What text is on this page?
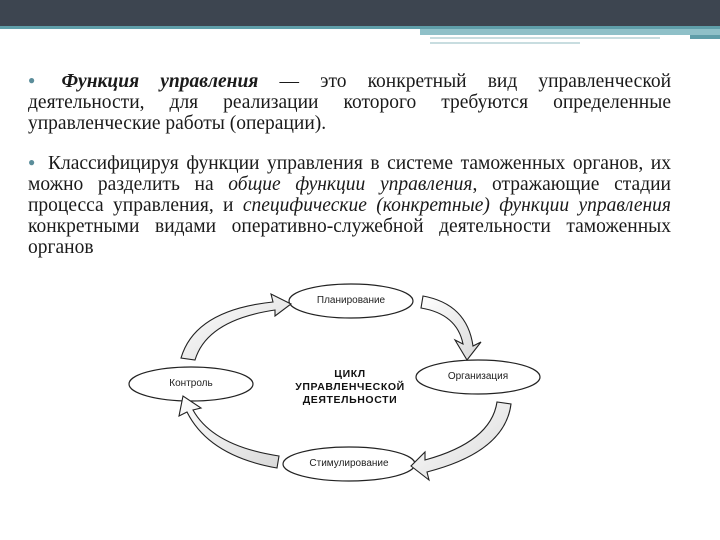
● Функция управления — это конкретный вид управленческой деятельности, для реализации которого требуются определенные управленческие работы (операции).

● Классифицируя функции управления в системе таможенных органов, их можно разделить на общие функции управления, отражающие стадии процесса управления, и специфические (конкретные) функции управления конкретными видами оперативно-служебной деятельности таможенных органов

Планирование
Организация
Стимулирование
Контроль
ЦИКЛ
УПРАВЛЕНЧЕСКОЙ
ДЕЯТЕЛЬНОСТИ
